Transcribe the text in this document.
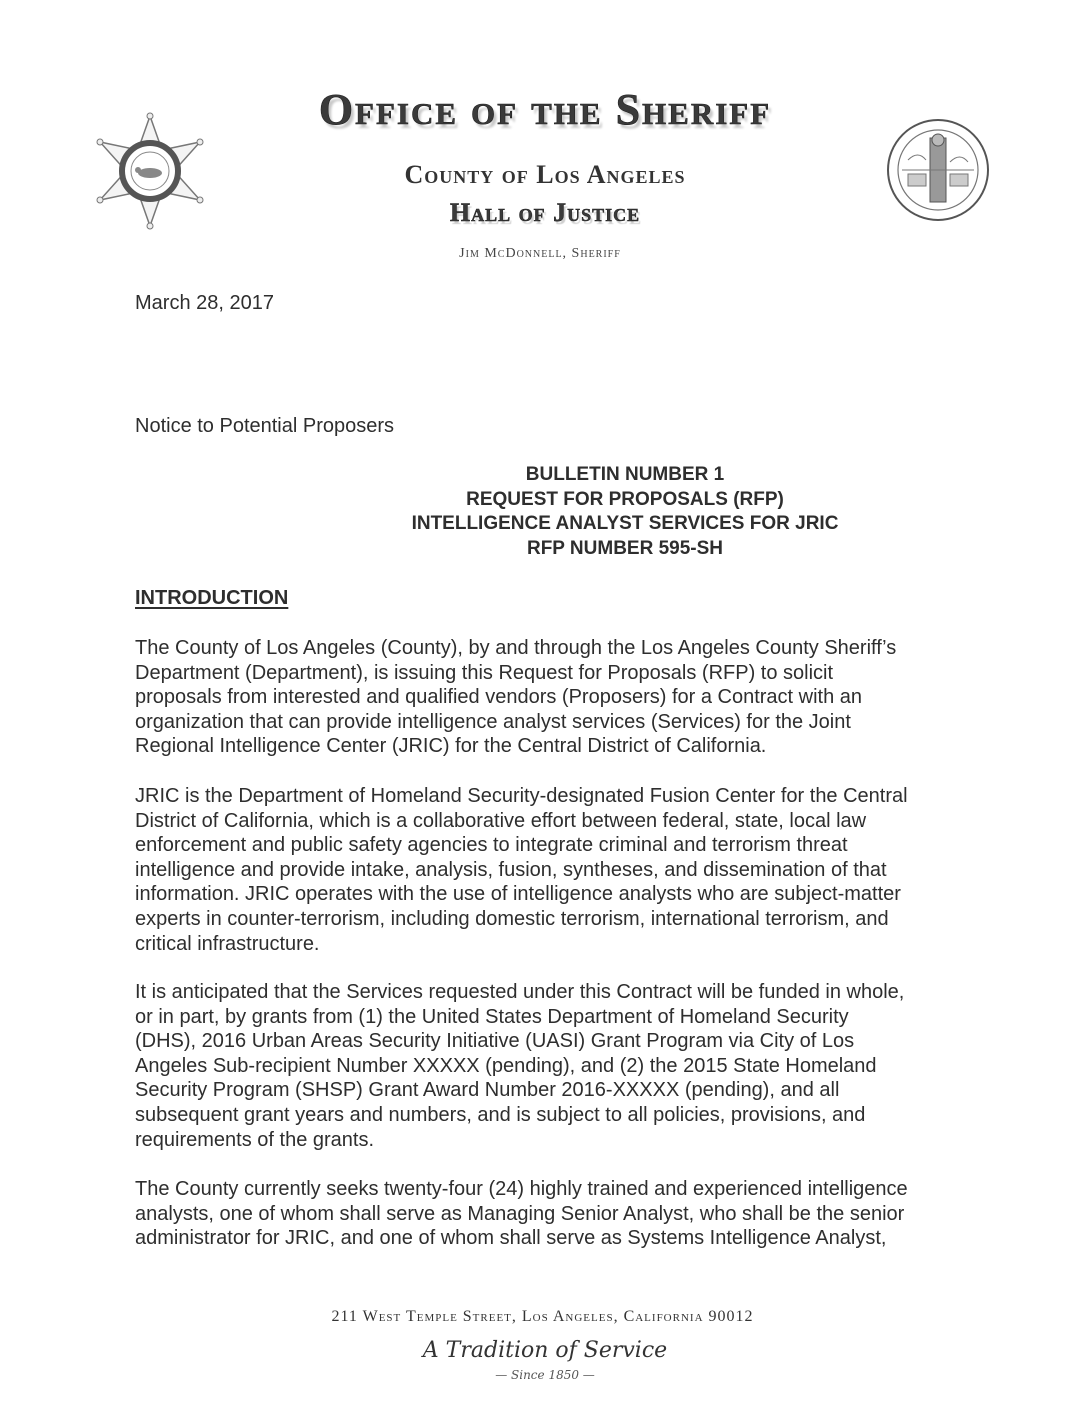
Office of the Sheriff
County of Los Angeles
Hall of Justice
Jim McDonnell, Sheriff
March 28, 2017
Notice to Potential Proposers
BULLETIN NUMBER 1
REQUEST FOR PROPOSALS (RFP)
INTELLIGENCE ANALYST SERVICES FOR JRIC
RFP NUMBER 595-SH
INTRODUCTION
The County of Los Angeles (County), by and through the Los Angeles County Sheriff’s
Department (Department), is issuing this Request for Proposals (RFP) to solicit
proposals from interested and qualified vendors (Proposers) for a Contract with an
organization that can provide intelligence analyst services (Services) for the Joint
Regional Intelligence Center (JRIC) for the Central District of California.
JRIC is the Department of Homeland Security-designated Fusion Center for the Central
District of California, which is a collaborative effort between federal, state, local law
enforcement and public safety agencies to integrate criminal and terrorism threat
intelligence and provide intake, analysis, fusion, syntheses, and dissemination of that
information. JRIC operates with the use of intelligence analysts who are subject-matter
experts in counter-terrorism, including domestic terrorism, international terrorism, and
critical infrastructure.
It is anticipated that the Services requested under this Contract will be funded in whole,
or in part, by grants from (1) the United States Department of Homeland Security
(DHS), 2016 Urban Areas Security Initiative (UASI) Grant Program via City of Los
Angeles Sub-recipient Number XXXXX (pending), and (2) the 2015 State Homeland
Security Program (SHSP) Grant Award Number 2016-XXXXX (pending), and all
subsequent grant years and numbers, and is subject to all policies, provisions, and
requirements of the grants.
The County currently seeks twenty-four (24) highly trained and experienced intelligence
analysts, one of whom shall serve as Managing Senior Analyst, who shall be the senior
administrator for JRIC, and one of whom shall serve as Systems Intelligence Analyst,
211 West Temple Street, Los Angeles, California 90012
A Tradition of Service
— Since 1850 —
